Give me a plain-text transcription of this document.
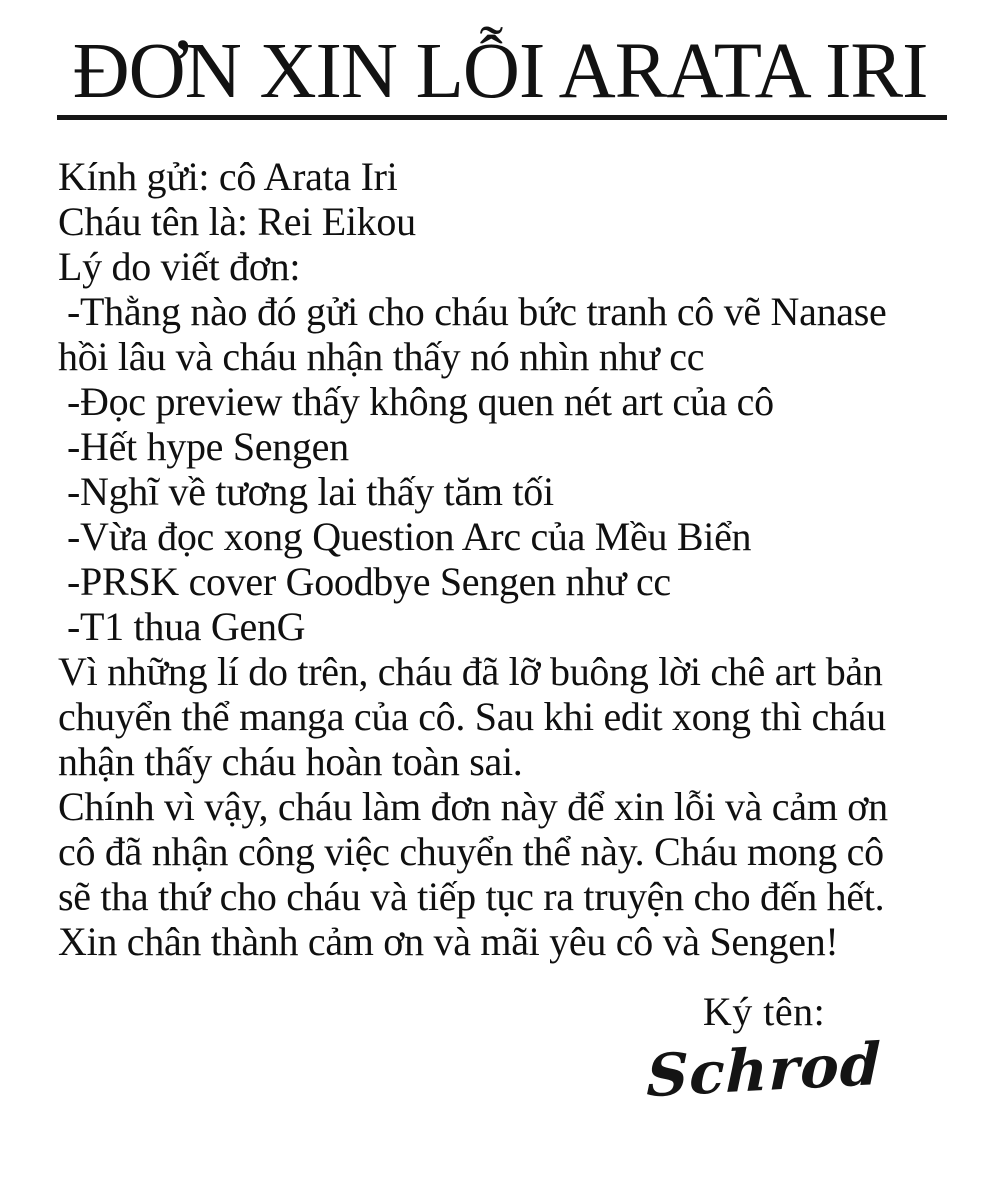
ĐƠN XIN LỖI ARATA IRI
Kính gửi: cô Arata Iri
Cháu tên là: Rei Eikou
Lý do viết đơn:
-Thằng nào đó gửi cho cháu bức tranh cô vẽ Nanase
hồi lâu và cháu nhận thấy nó nhìn như cc
-Đọc preview thấy không quen nét art của cô
-Hết hype Sengen
-Nghĩ về tương lai thấy tăm tối
-Vừa đọc xong Question Arc của Mều Biển
-PRSK cover Goodbye Sengen như cc
-T1 thua GenG
Vì những lí do trên, cháu đã lỡ buông lời chê art bản
chuyển thể manga của cô. Sau khi edit xong thì cháu
nhận thấy cháu hoàn toàn sai.
Chính vì vậy, cháu làm đơn này để xin lỗi và cảm ơn
cô đã nhận công việc chuyển thể này. Cháu mong cô
sẽ tha thứ cho cháu và tiếp tục ra truyện cho đến hết.
Xin chân thành cảm ơn và mãi yêu cô và Sengen!
Ký tên:
Schrod
